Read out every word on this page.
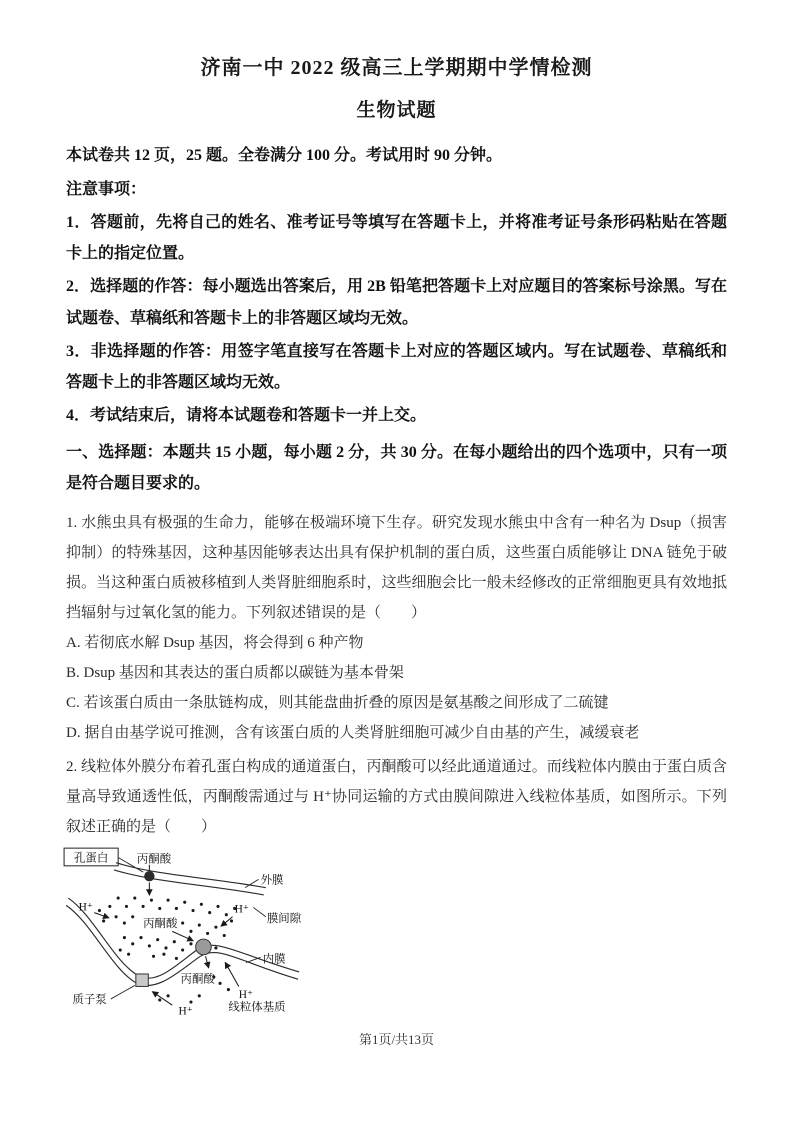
济南一中 2022 级高三上学期期中学情检测
生物试题

本试卷共 12 页，25 题。全卷满分 100 分。考试用时 90 分钟。

注意事项：

1．答题前，先将自己的姓名、准考证号等填写在答题卡上，并将准考证号条形码粘贴在答题卡上的指定位置。

2．选择题的作答：每小题选出答案后，用 2B 铅笔把答题卡上对应题目的答案标号涂黑。写在试题卷、草稿纸和答题卡上的非答题区域均无效。

3．非选择题的作答：用签字笔直接写在答题卡上对应的答题区域内。写在试题卷、草稿纸和答题卡上的非答题区域均无效。

4．考试结束后，请将本试题卷和答题卡一并上交。

一、选择题：本题共 15 小题，每小题 2 分，共 30 分。在每小题给出的四个选项中，只有一项是符合题目要求的。

1. 水熊虫具有极强的生命力，能够在极端环境下生存。研究发现水熊虫中含有一种名为 Dsup（损害抑制）的特殊基因，这种基因能够表达出具有保护机制的蛋白质，这些蛋白质能够让 DNA 链免于破损。当这种蛋白质被移植到人类肾脏细胞系时，这些细胞会比一般未经修改的正常细胞更具有效地抵挡辐射与过氧化氢的能力。下列叙述错误的是（　　）

A. 若彻底水解 Dsup 基因，将会得到 6 种产物

B. Dsup 基因和其表达的蛋白质都以碳链为基本骨架

C. 若该蛋白质由一条肽链构成，则其能盘曲折叠的原因是氨基酸之间形成了二硫键

D. 据自由基学说可推测，含有该蛋白质的人类肾脏细胞可减少自由基的产生，减缓衰老

2. 线粒体外膜分布着孔蛋白构成的通道蛋白，丙酮酸可以经此通道通过。而线粒体内膜由于蛋白质含量高导致通透性低，丙酮酸需通过与 H⁺协同运输的方式由膜间隙进入线粒体基质，如图所示。下列叙述正确的是（　　）

孔蛋白	丙酮酸
外膜
H⁺	H⁺
膜间隙
丙酮酸
内膜
丙酮酸
H⁺
质子泵
H⁺	线粒体基质
第1页/共13页
